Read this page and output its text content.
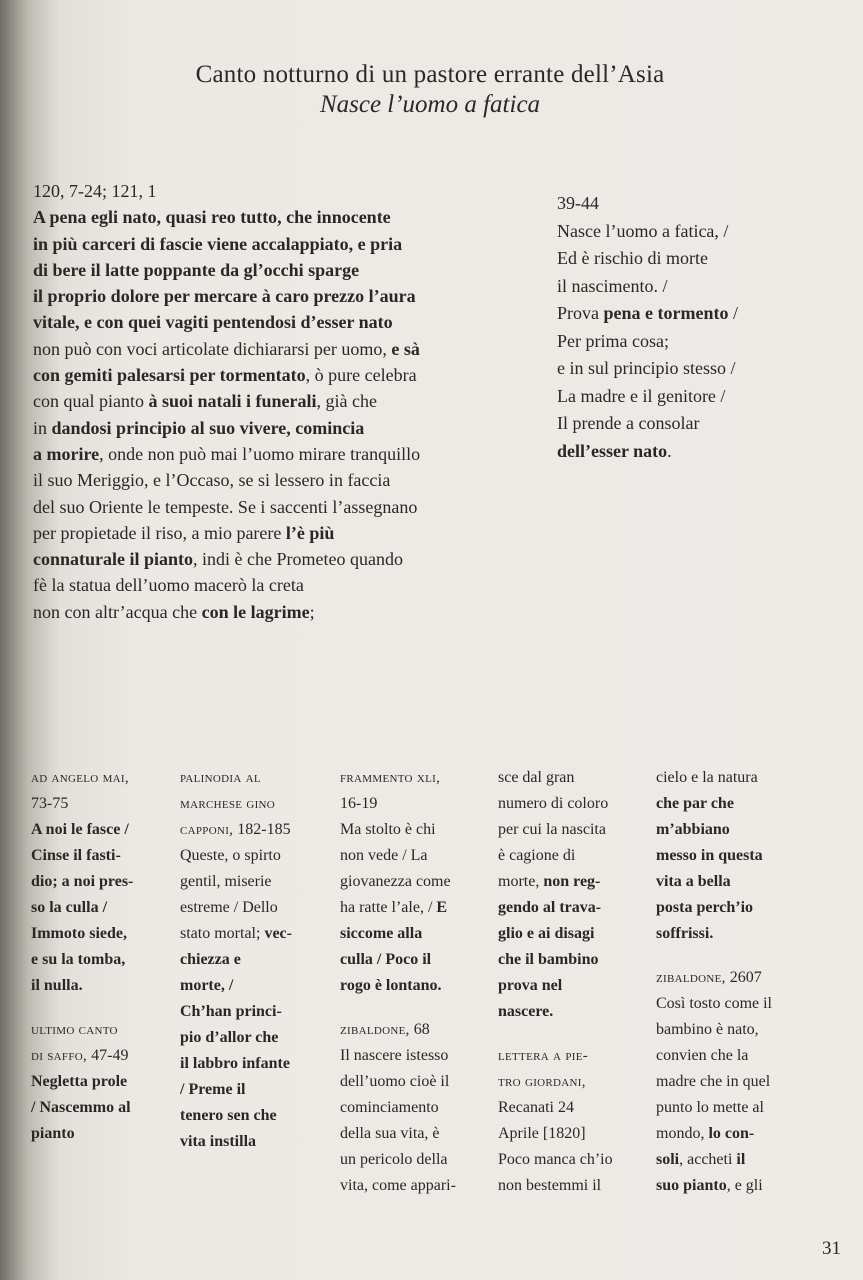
Canto notturno di un pastore errante dell’Asia
Nasce l’uomo a fatica
120, 7-24; 121, 1
A pena egli nato, quasi reo tutto, che innocente
in più carceri di fascie viene accalappiato, e pria
di bere il latte poppante da gl’occhi sparge
il proprio dolore per mercare à caro prezzo l’aura
vitale, e con quei vagiti pentendosi d’esser nato
non può con voci articolate dichiararsi per uomo, e sà
con gemiti palesarsi per tormentato, ò pure celebra
con qual pianto à suoi natali i funerali, già che
in dandosi principio al suo vivere, comincia
a morire, onde non può mai l’uomo mirare tranquillo
il suo Meriggio, e l’Occaso, se si lessero in faccia
del suo Oriente le tempeste. Se i saccenti l’assegnano
per propietade il riso, a mio parere l’è più
connaturale il pianto, indi è che Prometeo quando
fè la statua dell’uomo macerò la creta
non con altr’acqua che con le lagrime;
39-44
Nasce l’uomo a fatica, /
Ed è rischio di morte
il nascimento. /
Prova pena e tormento /
Per prima cosa;
e in sul principio stesso /
La madre e il genitore /
Il prende a consolar
dell’esser nato.
ad angelo mai,
73-75
A noi le fasce /
Cinse il fasti-
dio; a noi pres-
so la culla /
Immoto siede,
e su la tomba,
il nulla.
ultimo canto
di saffo, 47-49
Negletta prole
/ Nascemmo al
pianto
palinodia al
marchese gino
capponi, 182-185
Queste, o spirto
gentil, miserie
estreme / Dello
stato mortal; vec-
chiezza e
morte, /
Ch’han princi-
pio d’allor che
il labbro infante
/ Preme il
tenero sen che
vita instilla
frammento xli,
16-19
Ma stolto è chi
non vede / La
giovanezza come
ha ratte l’ale, / E
siccome alla
culla / Poco il
rogo è lontano.
zibaldone, 68
Il nascere istesso
dell’uomo cioè il
cominciamento
della sua vita, è
un pericolo della
vita, come appari-
sce dal gran
numero di coloro
per cui la nascita
è cagione di
morte, non reg-
gendo al trava-
glio e ai disagi
che il bambino
prova nel
nascere.
lettera a pie-
tro giordani,
Recanati 24
Aprile [1820]
Poco manca ch’io
non bestemmi il
cielo e la natura
che par che
m’abbiano
messo in questa
vita a bella
posta perch’io
soffrissi.
zibaldone, 2607
Così tosto come il
bambino è nato,
convien che la
madre che in quel
punto lo mette al
mondo, lo con-
soli, accheti il
suo pianto, e gli
31
